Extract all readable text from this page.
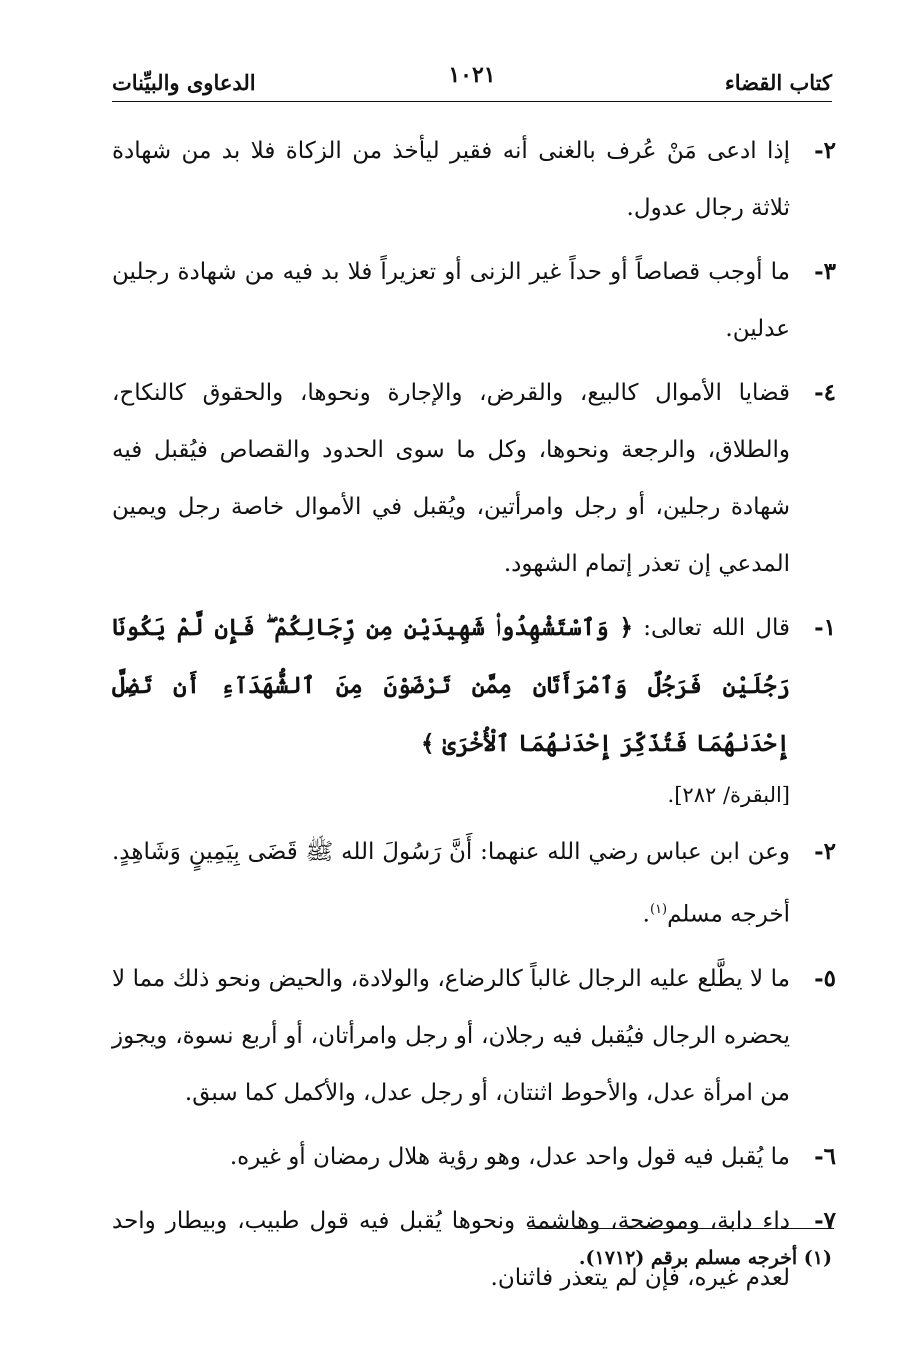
كتاب القضاء
١٠٢١
الدعاوى والبيِّنات

٢-إذا ادعى مَنْ عُرف بالغنى أنه فقير ليأخذ من الزكاة فلا بد من شهادة ثلاثة رجال عدول.

٣-ما أوجب قصاصاً أو حداً غير الزنى أو تعزيراً فلا بد فيه من شهادة رجلين عدلين.

٤-قضايا الأموال كالبيع، والقرض، والإجارة ونحوها، والحقوق كالنكاح، والطلاق، والرجعة ونحوها، وكل ما سوى الحدود والقصاص فيُقبل فيه شهادة رجلين، أو رجل وامرأتين، ويُقبل في الأموال خاصة رجل ويمين المدعي إن تعذر إتمام الشهود.

١-قال الله تعالى: ﴿ وَٱسْتَشْهِدُوا۟ شَهِيدَيْنِ مِن رِّجَالِكُمْ ۖ فَإِن لَّمْ يَكُونَا رَجُلَيْنِ فَرَجُلٌ وَٱمْرَأَتَانِ مِمَّن تَرْضَوْنَ مِنَ ٱلشُّهَدَآءِ أَن تَضِلَّ إِحْدَىٰهُمَا فَتُذَكِّرَ إِحْدَىٰهُمَا ٱلْأُخْرَىٰ ﴾
[البقرة/ ٢٨٢].

٢-وعن ابن عباس رضي الله عنهما: أَنَّ رَسُولَ الله ﷺ قَضَى بِيَمِينٍ وَشَاهِدٍ. أخرجه مسلم$^{(١)}$.

٥-ما لا يطَّلع عليه الرجال غالباً كالرضاع، والولادة، والحيض ونحو ذلك مما لا يحضره الرجال فيُقبل فيه رجلان، أو رجل وامرأتان، أو أربع نسوة، ويجوز من امرأة عدل، والأحوط اثنتان، أو رجل عدل، والأكمل كما سبق.

٦-ما يُقبل فيه قول واحد عدل، وهو رؤية هلال رمضان أو غيره.

٧-داء دابة، وموضحة، وهاشمة ونحوها يُقبل فيه قول طبيب، وبيطار واحد لعدم غيره، فإن لم يتعذر فاثنان.

(١) أخرجه مسلم برقم (١٧١٢).
